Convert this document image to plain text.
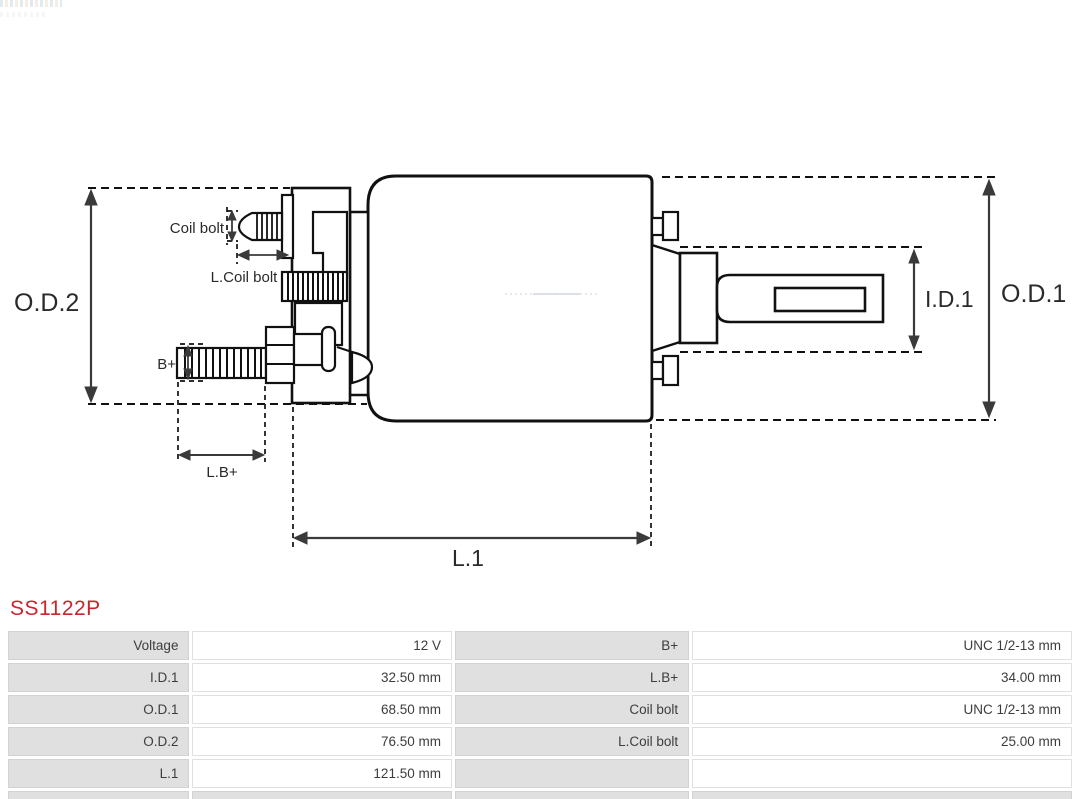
O.D.2	O.D.1
I.D.1
L.1
Coil bolt
L.Coil bolt
B+
L.B+
SS1122P
Voltage	12 V	B+	UNC 1/2-13 mm
I.D.1	32.50 mm	L.B+	34.00 mm
O.D.1	68.50 mm	Coil bolt	UNC 1/2-13 mm
O.D.2	76.50 mm	L.Coil bolt	25.00 mm
L.1	121.50 mm		
